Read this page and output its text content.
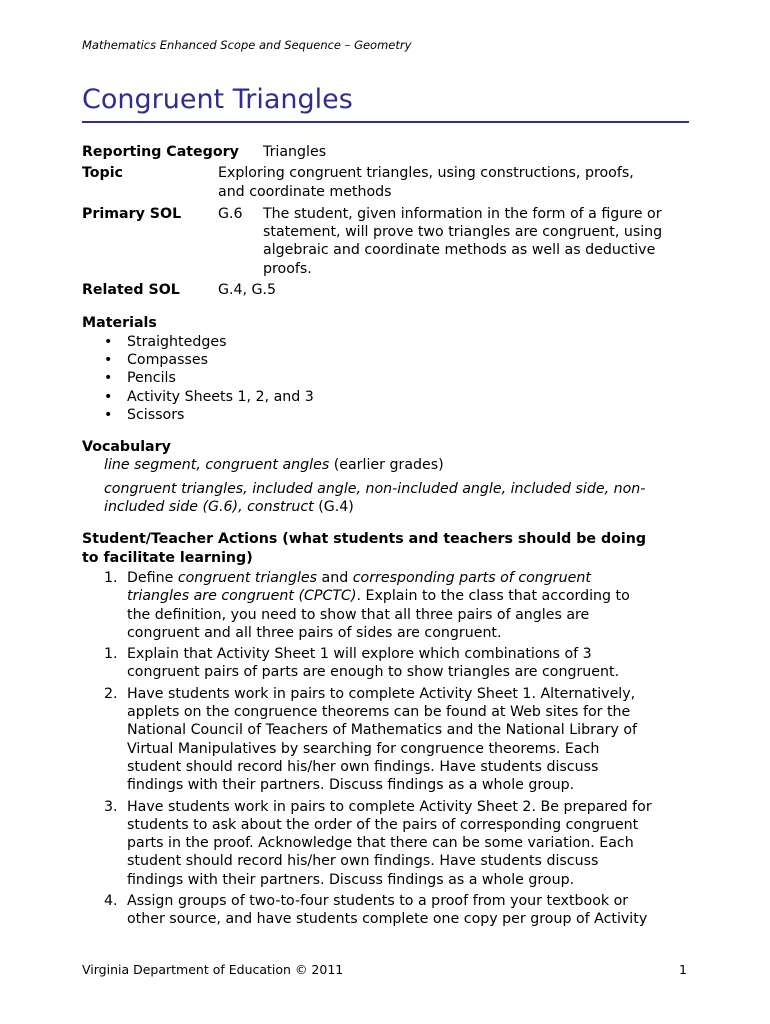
Mathematics Enhanced Scope and Sequence – Geometry
Congruent Triangles
Reporting Category Triangles
Topic	Exploring congruent triangles, using constructions, proofs,
and coordinate methods
Primary SOL	G.6 The student, given information in the form of a figure or
statement, will prove two triangles are congruent, using
algebraic and coordinate methods as well as deductive
proofs.
Related SOL	G.4, G.5
Materials
• Straightedges
• Compasses
• Pencils
• Activity Sheets 1, 2, and 3
• Scissors
Vocabulary
line segment, congruent angles (earlier grades)
congruent triangles, included angle, non-included angle, included side, non-
included side (G.6), construct (G.4)
Student/Teacher Actions (what students and teachers should be doing
to facilitate learning)
1. Define congruent triangles and corresponding parts of congruent
triangles are congruent (CPCTC). Explain to the class that according to
the definition, you need to show that all three pairs of angles are
congruent and all three pairs of sides are congruent.
1. Explain that Activity Sheet 1 will explore which combinations of 3
congruent pairs of parts are enough to show triangles are congruent.
2. Have students work in pairs to complete Activity Sheet 1. Alternatively,
applets on the congruence theorems can be found at Web sites for the
National Council of Teachers of Mathematics and the National Library of
Virtual Manipulatives by searching for congruence theorems. Each
student should record his/her own findings. Have students discuss
findings with their partners. Discuss findings as a whole group.
3. Have students work in pairs to complete Activity Sheet 2. Be prepared for
students to ask about the order of the pairs of corresponding congruent
parts in the proof. Acknowledge that there can be some variation. Each
student should record his/her own findings. Have students discuss
findings with their partners. Discuss findings as a whole group.
4. Assign groups of two-to-four students to a proof from your textbook or
other source, and have students complete one copy per group of Activity
Virginia Department of Education © 2011	1
